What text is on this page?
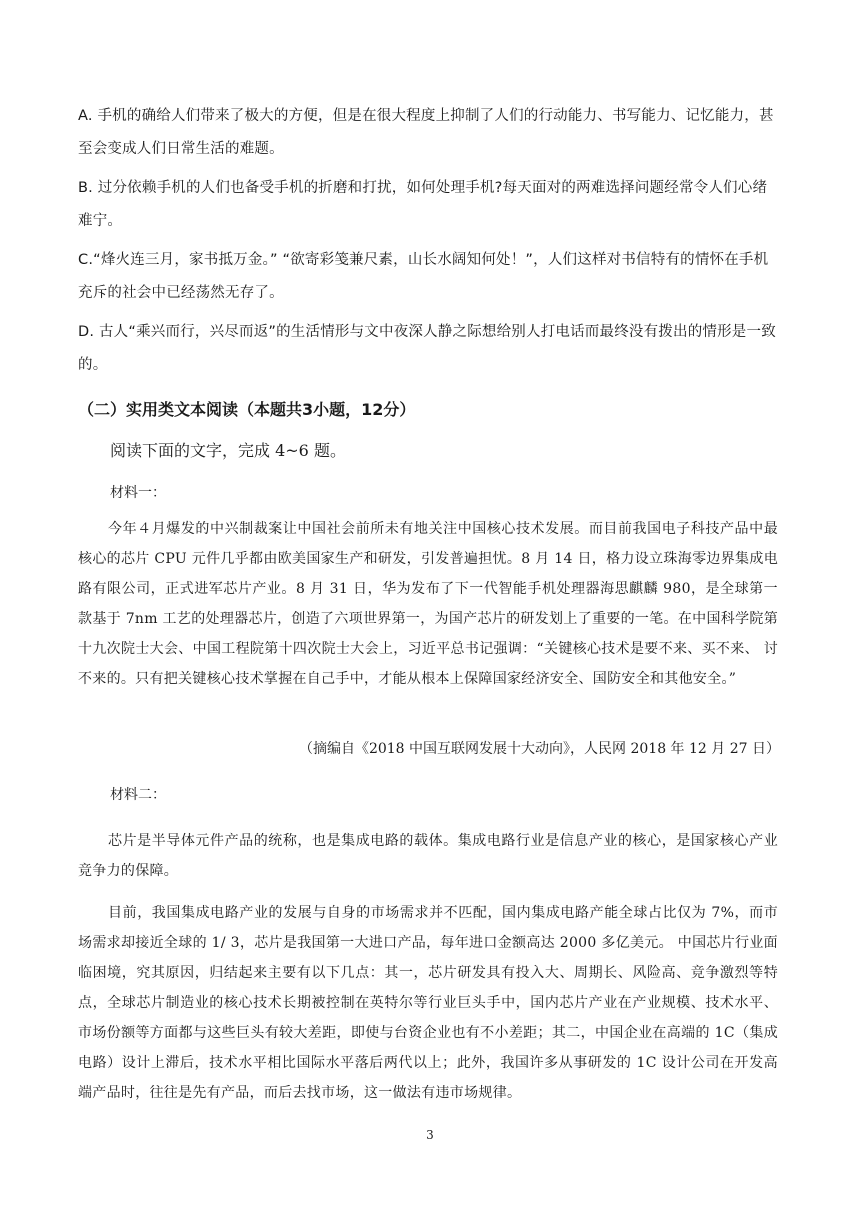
A. 手机的确给人们带来了极大的方便，但是在很大程度上抑制了人们的行动能力、书写能力、记忆能力，甚至会变成人们日常生活的难题。

B. 过分依赖手机的人们也备受手机的折磨和打扰，如何处理手机?每天面对的两难选择问题经常令人们心绪难宁。

C.“烽火连三月，家书抵万金。” “欲寄彩笺兼尺素，山长水阔知何处！”，人们这样对书信特有的情怀在手机充斥的社会中已经荡然无存了。

D. 古人“乘兴而行，兴尽而返”的生活情形与文中夜深人静之际想给别人打电话而最终没有拨出的情形是一致的。

（二）实用类文本阅读（本题共3小题，12分）

阅读下面的文字，完成 4~6 题。

材料一：

今年４月爆发的中兴制裁案让中国社会前所未有地关注中国核心技术发展。而目前我国电子科技产品中最核心的芯片 CPU 元件几乎都由欧美国家生产和研发，引发普遍担忧。8 月 14 日，格力设立珠海零边界集成电路有限公司，正式进军芯片产业。8 月 31 日，华为发布了下一代智能手机处理器海思麒麟 980，是全球第一款基于 7nm 工艺的处理器芯片，创造了六项世界第一，为国产芯片的研发划上了重要的一笔。在中国科学院第十九次院士大会、中国工程院第十四次院士大会上，习近平总书记强调：“关键核心技术是要不来、买不来、 讨不来的。只有把关键核心技术掌握在自己手中，才能从根本上保障国家经济安全、国防安全和其他安全。”

（摘编自《2018 中国互联网发展十大动向》，人民网 2018 年 12 月 27 日）

材料二：

芯片是半导体元件产品的统称，也是集成电路的载体。集成电路行业是信息产业的核心，是国家核心产业竞争力的保障。

目前，我国集成电路产业的发展与自身的市场需求并不匹配，国内集成电路产能全球占比仅为 7%，而市场需求却接近全球的 1/ 3，芯片是我国第一大进口产品，每年进口金额高达 2000 多亿美元。 中国芯片行业面临困境，究其原因，归结起来主要有以下几点：其一，芯片研发具有投入大、周期长、风险高、竞争激烈等特点，全球芯片制造业的核心技术长期被控制在英特尔等行业巨头手中，国内芯片产业在产业规模、技术水平、市场份额等方面都与这些巨头有较大差距，即使与台资企业也有不小差距；其二，中国企业在高端的 1C（集成电路）设计上滞后，技术水平相比国际水平落后两代以上；此外，我国许多从事研发的 1C 设计公司在开发高端产品时，往往是先有产品，而后去找市场，这一做法有违市场规律。

3
